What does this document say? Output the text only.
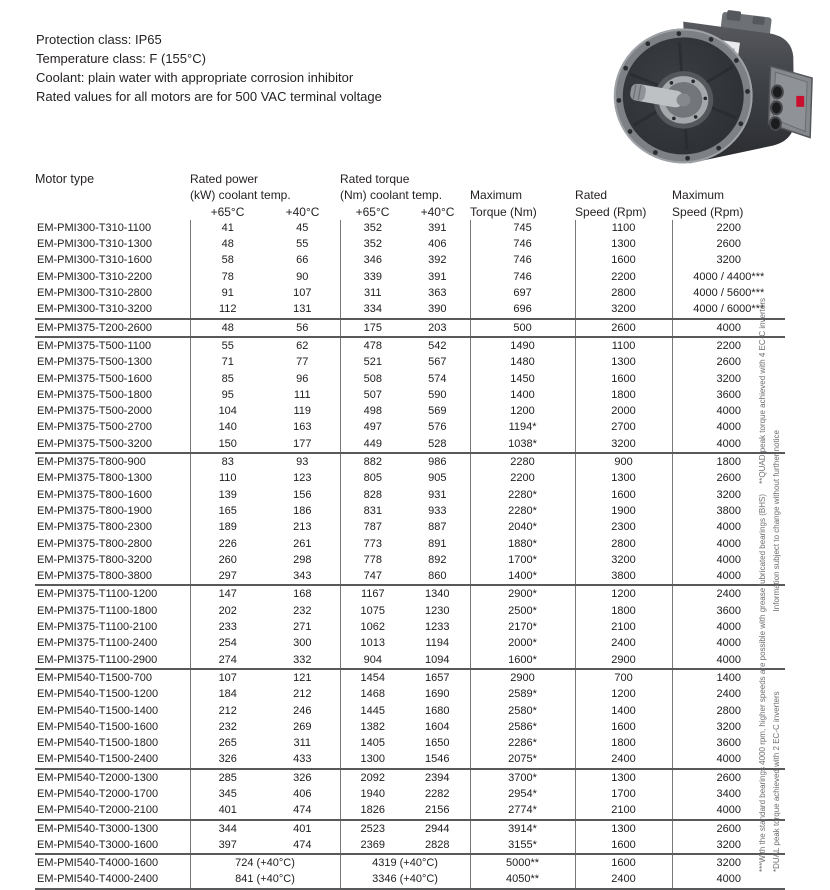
Protection class: IP65
Temperature class: F (155°C)
Coolant: plain water with appropriate corrosion inhibitor
Rated values for all motors are for 500 VAC terminal voltage
Motor type	Rated power		Rated torque				
	(kW) coolant temp.		(Nm) coolant temp.		Maximum	Rated	Maximum
	+65°C	+40°C	+65°C	+40°C	Torque (Nm)	Speed (Rpm)	Speed (Rpm)
EM-PMI300-T310-1100	41	45	352	391	745	1100	2200
EM-PMI300-T310-1300	48	55	352	406	746	1300	2600
EM-PMI300-T310-1600	58	66	346	392	746	1600	3200
EM-PMI300-T310-2200	78	90	339	391	746	2200	4000 / 4400***
EM-PMI300-T310-2800	91	107	311	363	697	2800	4000 / 5600***
EM-PMI300-T310-3200	112	131	334	390	696	3200	4000 / 6000***
EM-PMI375-T200-2600	48	56	175	203	500	2600	4000
EM-PMI375-T500-1100	55	62	478	542	1490	1100	2200
EM-PMI375-T500-1300	71	77	521	567	1480	1300	2600
EM-PMI375-T500-1600	85	96	508	574	1450	1600	3200
EM-PMI375-T500-1800	95	111	507	590	1400	1800	3600
EM-PMI375-T500-2000	104	119	498	569	1200	2000	4000
EM-PMI375-T500-2700	140	163	497	576	1194*	2700	4000
EM-PMI375-T500-3200	150	177	449	528	1038*	3200	4000
EM-PMI375-T800-900	83	93	882	986	2280	900	1800
EM-PMI375-T800-1300	110	123	805	905	2200	1300	2600
EM-PMI375-T800-1600	139	156	828	931	2280*	1600	3200
EM-PMI375-T800-1900	165	186	831	933	2280*	1900	3800
EM-PMI375-T800-2300	189	213	787	887	2040*	2300	4000
EM-PMI375-T800-2800	226	261	773	891	1880*	2800	4000
EM-PMI375-T800-3200	260	298	778	892	1700*	3200	4000
EM-PMI375-T800-3800	297	343	747	860	1400*	3800	4000
EM-PMI375-T1100-1200	147	168	1167	1340	2900*	1200	2400
EM-PMI375-T1100-1800	202	232	1075	1230	2500*	1800	3600
EM-PMI375-T1100-2100	233	271	1062	1233	2170*	2100	4000
EM-PMI375-T1100-2400	254	300	1013	1194	2000*	2400	4000
EM-PMI375-T1100-2900	274	332	904	1094	1600*	2900	4000
EM-PMI540-T1500-700	107	121	1454	1657	2900	700	1400
EM-PMI540-T1500-1200	184	212	1468	1690	2589*	1200	2400
EM-PMI540-T1500-1400	212	246	1445	1680	2580*	1400	2800
EM-PMI540-T1500-1600	232	269	1382	1604	2586*	1600	3200
EM-PMI540-T1500-1800	265	311	1405	1650	2286*	1800	3600
EM-PMI540-T1500-2400	326	433	1300	1546	2075*	2400	4000
EM-PMI540-T2000-1300	285	326	2092	2394	3700*	1300	2600
EM-PMI540-T2000-1700	345	406	1940	2282	2954*	1700	3400
EM-PMI540-T2000-2100	401	474	1826	2156	2774*	2100	4000
EM-PMI540-T3000-1300	344	401	2523	2944	3914*	1300	2600
EM-PMI540-T3000-1600	397	474	2369	2828	3155*	1600	3200
EM-PMI540-T4000-1600	724 (+40°C)		4319 (+40°C)		5000**	1600	3200
EM-PMI540-T4000-2400	841 (+40°C)		3346 (+40°C)		4050**	2400	4000
***With the standard bearings 4000 rpm, higher speeds are possible with grease lubricated bearings (BHS)
**QUAD peak torque achieved with 4 EC-C inverters
*DUAL peak torque achieved with 2 EC-C inverters
Information subject to change without further notice
